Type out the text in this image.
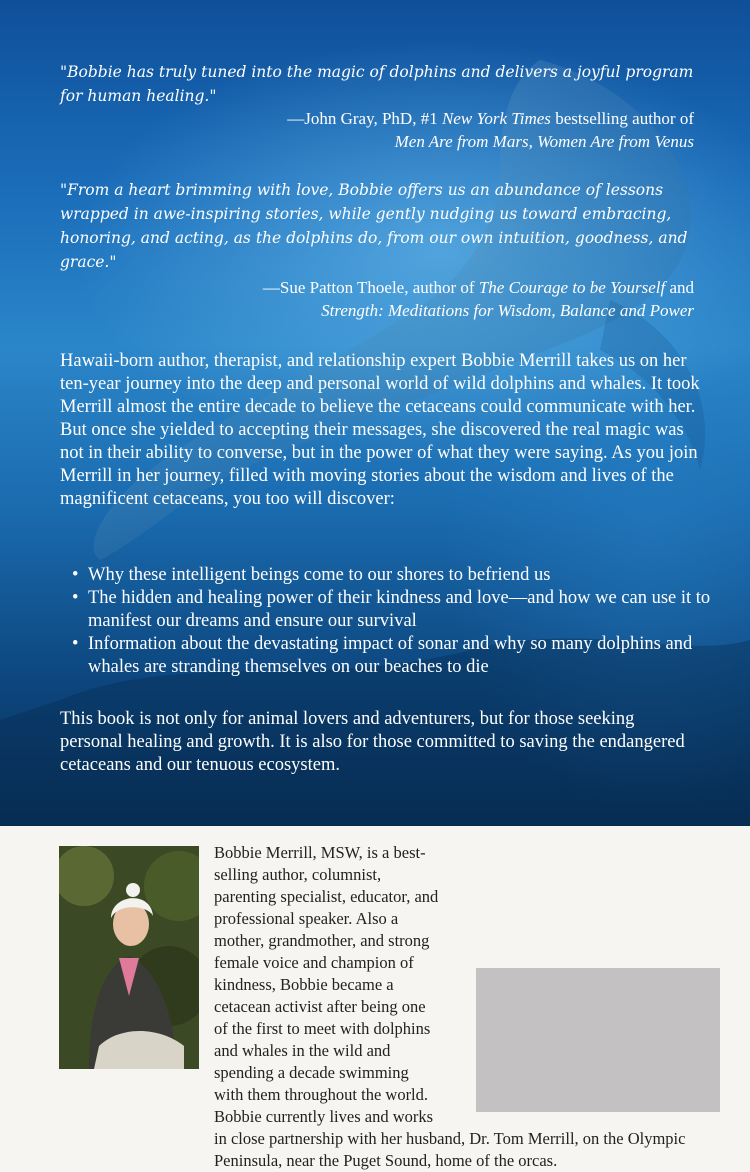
"Bobbie has truly tuned into the magic of dolphins and delivers a joyful program for human healing."

—John Gray, PhD, #1 New York Times bestselling author of
Men Are from Mars, Women Are from Venus

"From a heart brimming with love, Bobbie offers us an abundance of lessons wrapped in awe-inspiring stories, while gently nudging us toward embracing, honoring, and acting, as the dolphins do, from our own intuition, goodness, and grace."

—Sue Patton Thoele, author of The Courage to be Yourself and
Strength: Meditations for Wisdom, Balance and Power

Hawaii-born author, therapist, and relationship expert Bobbie Merrill takes us on her ten-year journey into the deep and personal world of wild dolphins and whales. It took Merrill almost the entire decade to believe the cetaceans could communicate with her. But once she yielded to accepting their messages, she discovered the real magic was not in their ability to converse, but in the power of what they were saying. As you join Merrill in her journey, filled with moving stories about the wisdom and lives of the magnificent cetaceans, you too will discover:

• Why these intelligent beings come to our shores to befriend us
• The hidden and healing power of their kindness and love—and how we can use it to manifest our dreams and ensure our survival
• Information about the devastating impact of sonar and why so many dolphins and whales are stranding themselves on our beaches to die

This book is not only for animal lovers and adventurers, but for those seeking personal healing and growth. It is also for those committed to saving the endangered cetaceans and our tenuous ecosystem.

Bobbie Merrill, MSW, is a best-selling author, columnist, parenting specialist, educator, and professional speaker. Also a mother, grandmother, and strong female voice and champion of kindness, Bobbie became a cetacean activist after being one of the first to meet with dolphins and whales in the wild and spending a decade swimming with them throughout the world. Bobbie currently lives and works in close partnership with her husband, Dr. Tom Merrill, on the Olympic Peninsula, near the Puget Sound, home of the orcas.
